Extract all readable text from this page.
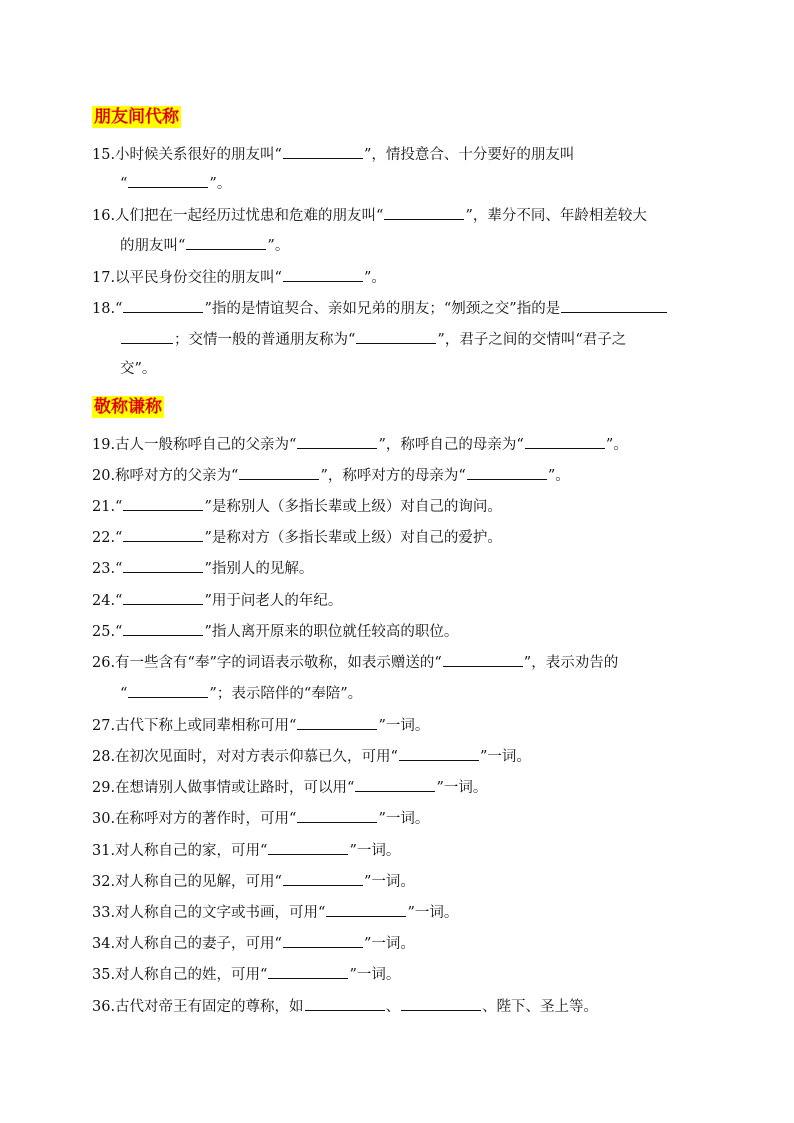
朋友间代称
15.小时候关系很好的朋友叫“	”，情投意合、十分要好的朋友叫
“	”。
16.人们把在一起经历过忧患和危难的朋友叫“	”，辈分不同、年龄相差较大
的朋友叫“	”。
17.以平民身份交往的朋友叫“	”。
18.“	”指的是情谊契合、亲如兄弟的朋友；“刎颈之交”指的是
；交情一般的普通朋友称为“	”，君子之间的交情叫“君子之
交”。
敬称谦称
19.古人一般称呼自己的父亲为“	”，称呼自己的母亲为“	”。
20.称呼对方的父亲为“	”，称呼对方的母亲为“	”。
21.“	”是称别人（多指长辈或上级）对自己的询问。
22.“	”是称对方（多指长辈或上级）对自己的爱护。
23.“	”指别人的见解。
24.“	”用于问老人的年纪。
25.“	”指人离开原来的职位就任较高的职位。
26.有一些含有“奉”字的词语表示敬称，如表示赠送的“	”，表示劝告的
“	”；表示陪伴的“奉陪”。
27.古代下称上或同辈相称可用“	”一词。
28.在初次见面时，对对方表示仰慕已久，可用“	”一词。
29.在想请别人做事情或让路时，可以用“	”一词。
30.在称呼对方的著作时，可用“	”一词。
31.对人称自己的家，可用“	”一词。
32.对人称自己的见解，可用“	”一词。
33.对人称自己的文字或书画，可用“	”一词。
34.对人称自己的妻子，可用“	”一词。
35.对人称自己的姓，可用“	”一词。
36.古代对帝王有固定的尊称，如	、	、陛下、圣上等。
